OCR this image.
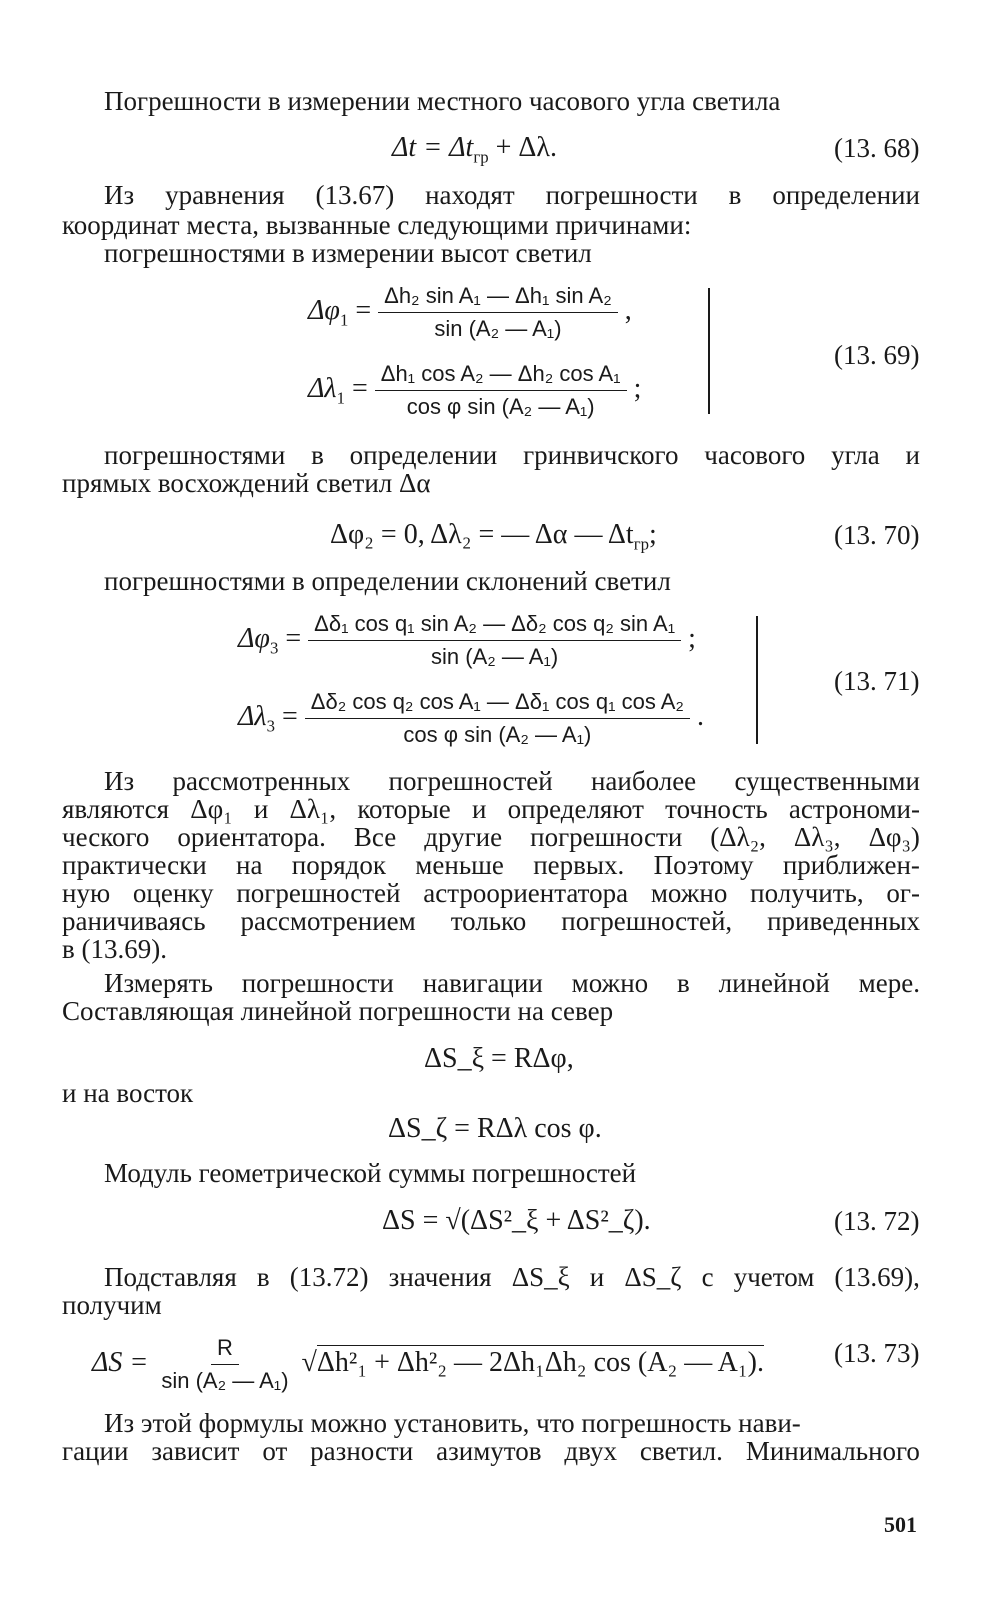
Погрешности в измерении местного часового угла светила
$\Delta t = \Delta t_{гр} + \Delta\lambda$.	(13. 68)
Из уравнения (13.67) находят погрешности в определении
координат места, вызванные следующими причинами:
погрешностями в измерении высот светил
$\Delta\varphi_1 = \frac{\text{Δh₂ sin A₁ — Δh₁ sin A₂}}{\text{sin (A₂ — A₁)}}$ ,
$\Delta\lambda_1 = \frac{\text{Δh₁ cos A₂ — Δh₂ cos A₁}}{\text{cos φ sin (A₂ — A₁)}}$ ;
(13. 69)
погрешностями в определении гринвичского часового угла и
прямых восхождений светил Δα
Δφ₂ = 0, Δλ₂ = — Δα — $\Delta t_{гр}$;	(13. 70)
погрешностями в определении склонений светил
$\Delta\varphi_3 = \frac{\text{Δδ₁ cos q₁ sin A₂ — Δδ₂ cos q₂ sin A₁}}{\text{sin (A₂ — A₁)}}$ ;
$\Delta\lambda_3 = \frac{\text{Δδ₂ cos q₂ cos A₁ — Δδ₁ cos q₁ cos A₂}}{\text{cos φ sin (A₂ — A₁)}}$ .
(13. 71)
Из рассмотренных погрешностей наиболее существенными
являются Δφ₁ и Δλ₁, которые и определяют точность астрономи-
ческого ориентатора. Все другие погрешности (Δλ₂, Δλ₃, Δφ₃)
практически на порядок меньше первых. Поэтому приближен-
ную оценку погрешностей астроориентатора можно получить, ог-
раничиваясь рассмотрением только погрешностей, приведенных
в (13.69).
Измерять погрешности навигации можно в линейной мере.
Составляющая линейной погрешности на север
ΔS_ξ = RΔφ,
и на восток
ΔS_ζ = RΔλ cos φ.
Модуль геометрической суммы погрешностей
ΔS = √(ΔS²_ξ + ΔS²_ζ).	(13. 72)
Подставляя в (13.72) значения ΔS_ξ и ΔS_ζ с учетом (13.69),
получим
$\Delta S = \frac{R}{\text{sin (A₂ — A₁)}} √\Delta h^2_1 + \Delta h^2_2$ — 2Δh₁Δh₂ cos (A₂ — A₁).	(13. 73)
Из этой формулы можно установить, что погрешность нави-
гации зависит от разности азимутов двух светил. Минимального
501
